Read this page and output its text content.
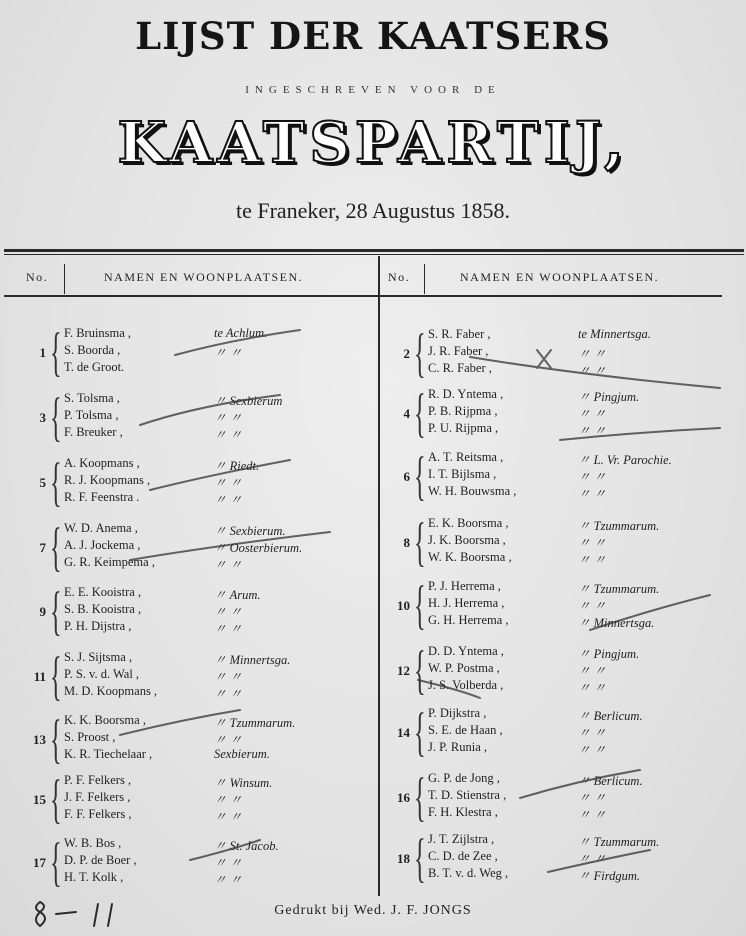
LIJST DER KAATSERS
INGESCHREVEN VOOR DE
KAATSPARTIJ,
te Franeker, 28 Augustus 1858.
No.	NAMEN EN WOONPLAATSEN.	No.	NAMEN EN WOONPLAATSEN.
1 { F. Bruinsma ,	te Achlum.
S. Boorda ,	〃 〃
T. de Groot.
3 { S. Tolsma ,	〃 Sexbierum
P. Tolsma ,	〃 〃
F. Breuker ,	〃 〃
5 { A. Koopmans ,	〃 Riedt.
R. J. Koopmans ,	〃 〃
R. F. Feenstra .	〃 〃
7 { W. D. Anema ,	〃 Sexbierum.
A. J. Jockema ,	〃 Oosterbierum.
G. R. Keimpema ,	〃 〃
9 { E. E. Kooistra ,	〃 Arum.
S. B. Kooistra ,	〃 〃
P. H. Dijstra ,	〃 〃
11 { S. J. Sijtsma ,	〃 Minnertsga.
P. S. v. d. Wal ,	〃 〃
M. D. Koopmans ,	〃 〃
13 { K. K. Boorsma ,	〃 Tzummarum.
S. Proost ,	〃 〃
K. R. Tiechelaar ,	Sexbierum.
15 { P. F. Felkers ,	〃 Winsum.
J. F. Felkers ,	〃 〃
F. F. Felkers ,	〃 〃
17 { W. B. Bos ,	〃 St. Jacob.
D. P. de Boer ,	〃 〃
H. T. Kolk ,	〃 〃
2 { S. R. Faber ,	te Minnertsga.
J. R. Faber ,	〃 〃
C. R. Faber ,	〃 〃
4 { R. D. Yntema ,	〃 Pingjum.
P. B. Rijpma ,	〃 〃
P. U. Rijpma ,	〃 〃
6 { A. T. Reitsma ,	〃 L. Vr. Parochie.
I. T. Bijlsma ,	〃 〃
W. H. Bouwsma ,	〃 〃
8 { E. K. Boorsma ,	〃 Tzummarum.
J. K. Boorsma ,	〃 〃
W. K. Boorsma ,	〃 〃
10 { P. J. Herrema ,	〃 Tzummarum.
H. J. Herrema ,	〃 〃
G. H. Herrema ,	〃 Minnertsga.
12 { D. D. Yntema ,	〃 Pingjum.
W. P. Postma ,	〃 〃
J. S. Volberda ,	〃 〃
14 { P. Dijkstra ,	〃 Berlicum.
S. E. de Haan ,	〃 〃
J. P. Runia ,	〃 〃
16 { G. P. de Jong ,	〃 Berlicum.
T. D. Stienstra ,	〃 〃
F. H. Klestra ,	〃 〃
18 { J. T. Zijlstra ,	〃 Tzummarum.
C. D. de Zee ,	〃 〃
B. T. v. d. Weg ,	〃 Firdgum.
Gedrukt bij Wed. J. F. JONGS
